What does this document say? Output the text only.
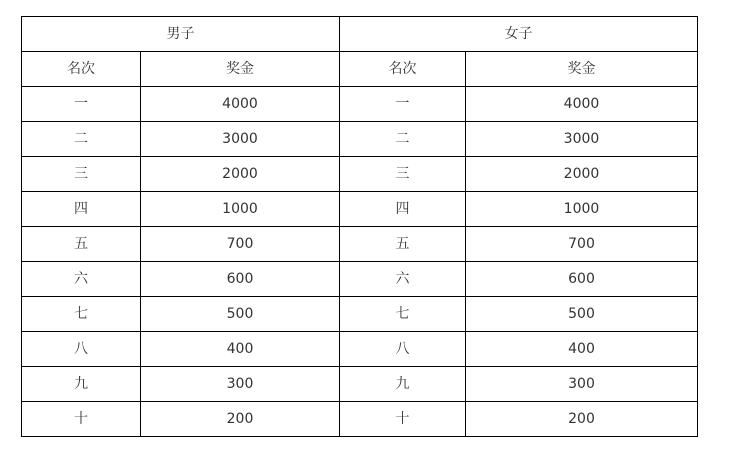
男子		女子	
名次	奖金	名次	奖金
一	4000	一	4000
二	3000	二	3000
三	2000	三	2000
四	1000	四	1000
五	700	五	700
六	600	六	600
七	500	七	500
八	400	八	400
九	300	九	300
十	200	十	200
